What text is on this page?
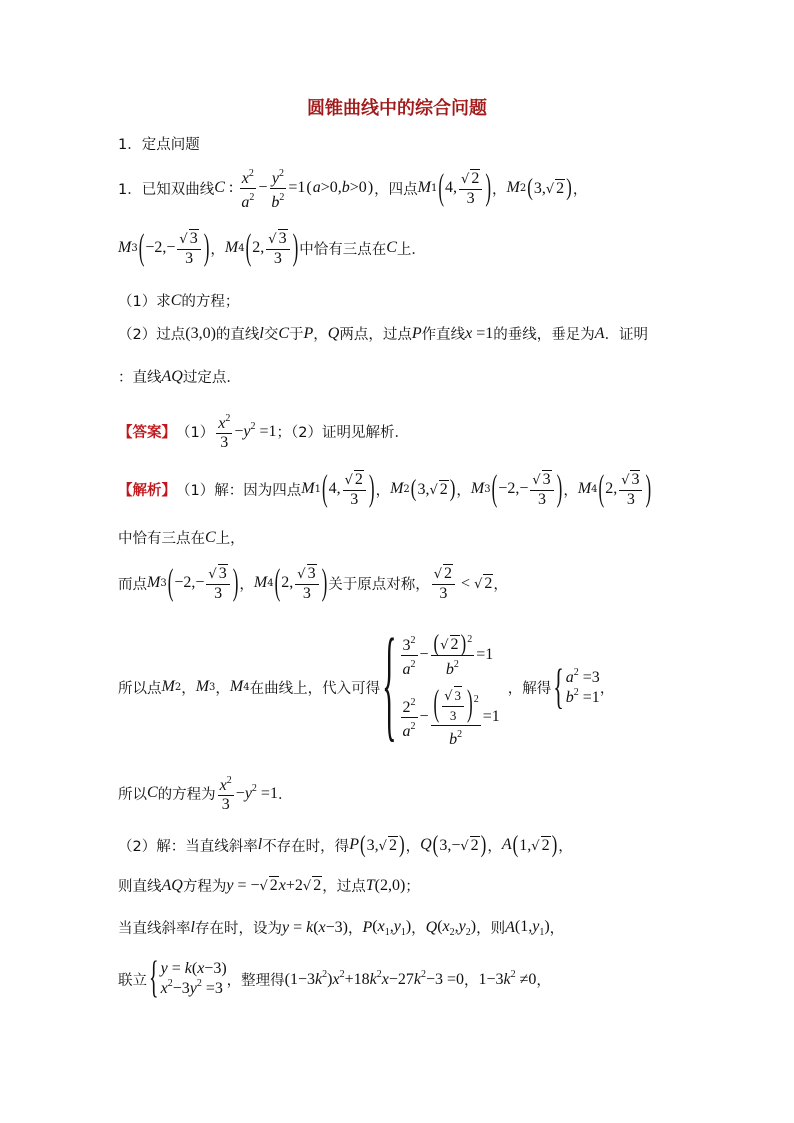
圆锥曲线中的综合问题
1．定点问题
1．已知双曲线 C : $\frac{x^2}{a^2} - \frac{y^2}{b^2} =1(a>0,b>0)$ ，四点 M 1 ( 4, $\frac{√ 2}{3}$ ) ， M 2 ( 3,√ 2 ) ，
M 3 ( $-2,- \frac{√ 3}{3}$ ) ， M 4 ( 2, $\frac{√ 3}{3}$ ) 中恰有三点在 C 上．
（1）求 C 的方程；
（2）过点 (3,0) 的直线 l 交 C 于 P ， Q 两点，过点 P 作直线 x =1 的垂线，垂足为 A ．证明
：直线 AQ 过定点．
【答案】 $(1) \frac{x^2}{3} -y^2 =1$ ；（2）证明见解析．
【解析】 （1）解：因为四点 M 1 ( 4, $\frac{√ 2}{3}$ ) ， M 2 ( 3,√ 2 ) ， M 3 ( $-2,- \frac{√ 3}{3}$ ) ， M 4 ( 2, $\frac{√ 3}{3}$ )
中恰有三点在 C 上，
而点 M 3 ( $-2,- \frac{√ 3}{3}$ ) ， M 4 ( 2, $\frac{√ 3}{3}$ ) 关于原点对称， $\frac{√ 2}{3}$ < √ 2 ，
所以点 M 2 ， M 3 ， M 4 在曲线上，代入可得 { $\frac{3^2}{a^2} - \frac{(√ 2 )^2}{b^2} =1$
$\frac{2^2}{a^2} - \frac{( \frac{√ 3}{3} )^2}{b^2} =1$
，解得 { $a^2 =3$
$b^2 =1$
，
所以 C 的方程为 $\frac{x^2}{3} -y^2 =1$ ．
（2）解：当直线斜率 l 不存在时，得 P ( 3,√ 2 ) ， Q ( 3,−√ 2 ) ， A ( 1,√ 2 ) ，
则直线 AQ 方程为 y = −√ 2x+2√ 2 ，过点 T (2,0) ；
当直线斜率 l 存在时，设为 y = k(x−3) ， P $(x_1,y_1)$ ， Q $(x_2,y_2)$ ，则 A $(1,y_1)$ ，
联立 { y = k(x−3)
$x^2-3y^2 =3$ ，整理得 $(1-3k^2)x^2+18k^2x-27k^2-3 =0$ ， $1-3k^2 \ne 0$ ，
